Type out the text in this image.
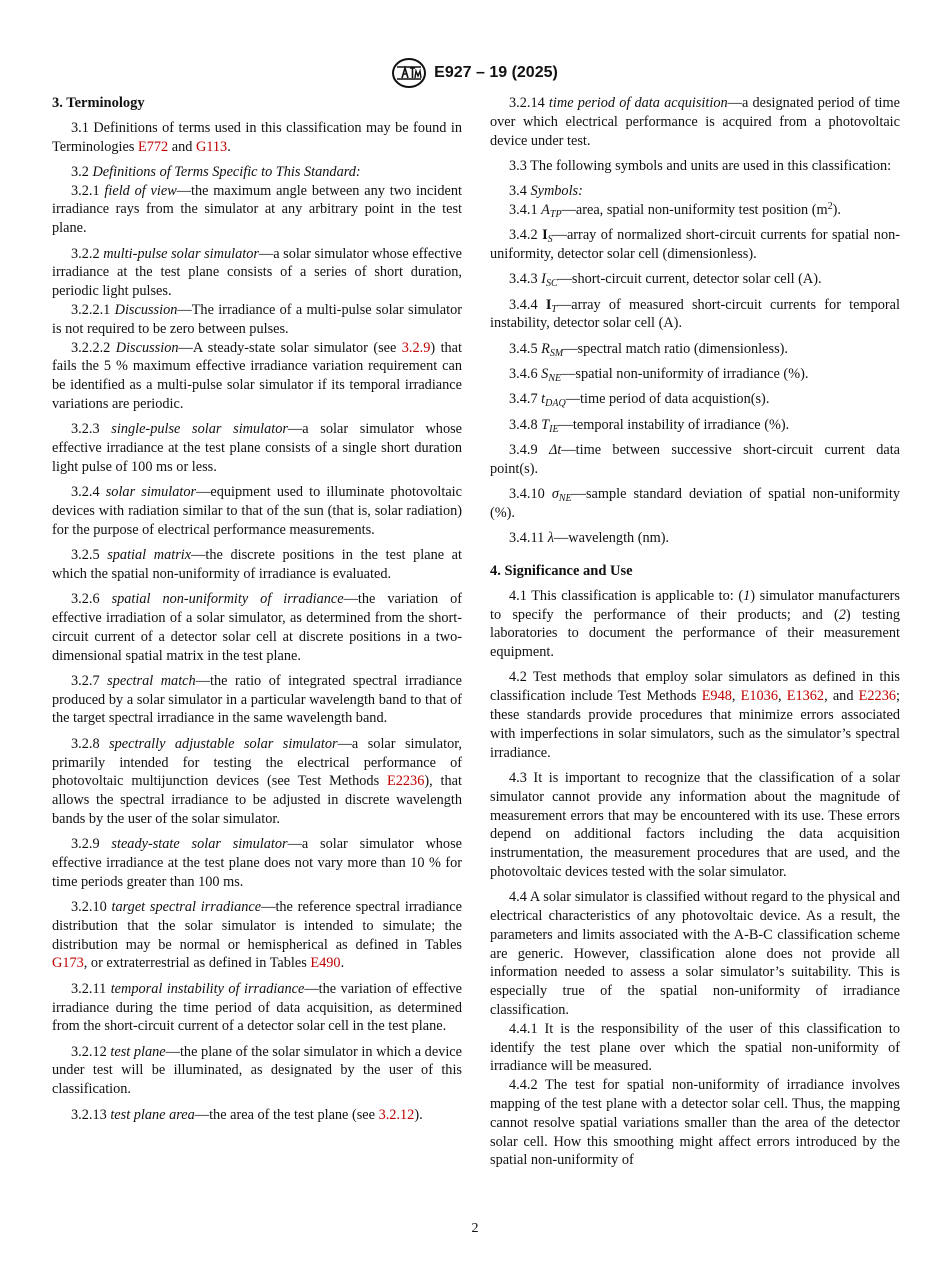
E927 – 19 (2025)
3. Terminology

3.1 Definitions of terms used in this classification may be found in Terminologies E772 and G113.

3.2 Definitions of Terms Specific to This Standard:

3.2.1 field of view—the maximum angle between any two incident irradiance rays from the simulator at any arbitrary point in the test plane.

3.2.2 multi-pulse solar simulator—a solar simulator whose effective irradiance at the test plane consists of a series of short duration, periodic light pulses.

3.2.2.1 Discussion—The irradiance of a multi-pulse solar simulator is not required to be zero between pulses.

3.2.2.2 Discussion—A steady-state solar simulator (see 3.2.9) that fails the 5 % maximum effective irradiance variation requirement can be identified as a multi-pulse solar simulator if its temporal irradiance variations are periodic.

3.2.3 single-pulse solar simulator—a solar simulator whose effective irradiance at the test plane consists of a single short duration light pulse of 100 ms or less.

3.2.4 solar simulator—equipment used to illuminate photovoltaic devices with radiation similar to that of the sun (that is, solar radiation) for the purpose of electrical performance measurements.

3.2.5 spatial matrix—the discrete positions in the test plane at which the spatial non-uniformity of irradiance is evaluated.

3.2.6 spatial non-uniformity of irradiance—the variation of effective irradiation of a solar simulator, as determined from the short-circuit current of a detector solar cell at discrete positions in a two-dimensional spatial matrix in the test plane.

3.2.7 spectral match—the ratio of integrated spectral irradiance produced by a solar simulator in a particular wavelength band to that of the target spectral irradiance in the same wavelength band.

3.2.8 spectrally adjustable solar simulator—a solar simulator, primarily intended for testing the electrical performance of photovoltaic multijunction devices (see Test Methods E2236), that allows the spectral irradiance to be adjusted in discrete wavelength bands by the user of the solar simulator.

3.2.9 steady-state solar simulator—a solar simulator whose effective irradiance at the test plane does not vary more than 10 % for time periods greater than 100 ms.

3.2.10 target spectral irradiance—the reference spectral irradiance distribution that the solar simulator is intended to simulate; the distribution may be normal or hemispherical as defined in Tables G173, or extraterrestrial as defined in Tables E490.

3.2.11 temporal instability of irradiance—the variation of effective irradiance during the time period of data acquisition, as determined from the short-circuit current of a detector solar cell in the test plane.

3.2.12 test plane—the plane of the solar simulator in which a device under test will be illuminated, as designated by the user of this classification.

3.2.13 test plane area—the area of the test plane (see 3.2.12).

3.2.14 time period of data acquisition—a designated period of time over which electrical performance is acquired from a photovoltaic device under test.

3.3 The following symbols and units are used in this classification:

3.4 Symbols:

3.4.1 $A_{TP}—area$, spatial non-uniformity test position $(m^2)$.

3.4.2 $I_S—array$ of normalized short-circuit currents for spatial non-uniformity, detector solar cell (dimensionless).

3.4.3 $I_{SC}—short$-circuit current, detector solar cell (A).

3.4.4 $I_T—array$ of measured short-circuit currents for temporal instability, detector solar cell (A).

3.4.5 $R_{SM}—spectral$ match ratio (dimensionless).

3.4.6 $S_{NE}—spatial$ non-uniformity of irradiance (%).

3.4.7 $t_{DAQ}—time$ period of data acquistion(s).

3.4.8 $T_{IE}—temporal$ instability of irradiance (%).

3.4.9 Δt—time between successive short-circuit current data point(s).

3.4.10 $\sigma_{NE}—sample$ standard deviation of spatial non-uniformity (%).

3.4.11 λ—wavelength (nm).

4. Significance and Use

4.1 This classification is applicable to: (1) simulator manufacturers to specify the performance of their products; and (2) testing laboratories to document the performance of their measurement equipment.

4.2 Test methods that employ solar simulators as defined in this classification include Test Methods E948, E1036, E1362, and E2236; these standards provide procedures that minimize errors associated with imperfections in solar simulators, such as the simulator’s spectral irradiance.

4.3 It is important to recognize that the classification of a solar simulator cannot provide any information about the magnitude of measurement errors that may be encountered with its use. These errors depend on additional factors including the data acquisition instrumentation, the measurement procedures that are used, and the photovoltaic devices tested with the solar simulator.

4.4 A solar simulator is classified without regard to the physical and electrical characteristics of any photovoltaic device. As a result, the parameters and limits associated with the A-B-C classification scheme are generic. However, classification alone does not provide all information needed to assess a solar simulator’s suitability. This is especially true of the spatial non-uniformity of irradiance classification.

4.4.1 It is the responsibility of the user of this classification to identify the test plane over which the spatial non-uniformity of irradiance will be measured.

4.4.2 The test for spatial non-uniformity of irradiance involves mapping of the test plane with a detector solar cell. Thus, the mapping cannot resolve spatial variations smaller than the area of the detector solar cell. How this smoothing might affect errors introduced by the spatial non-uniformity of

2
